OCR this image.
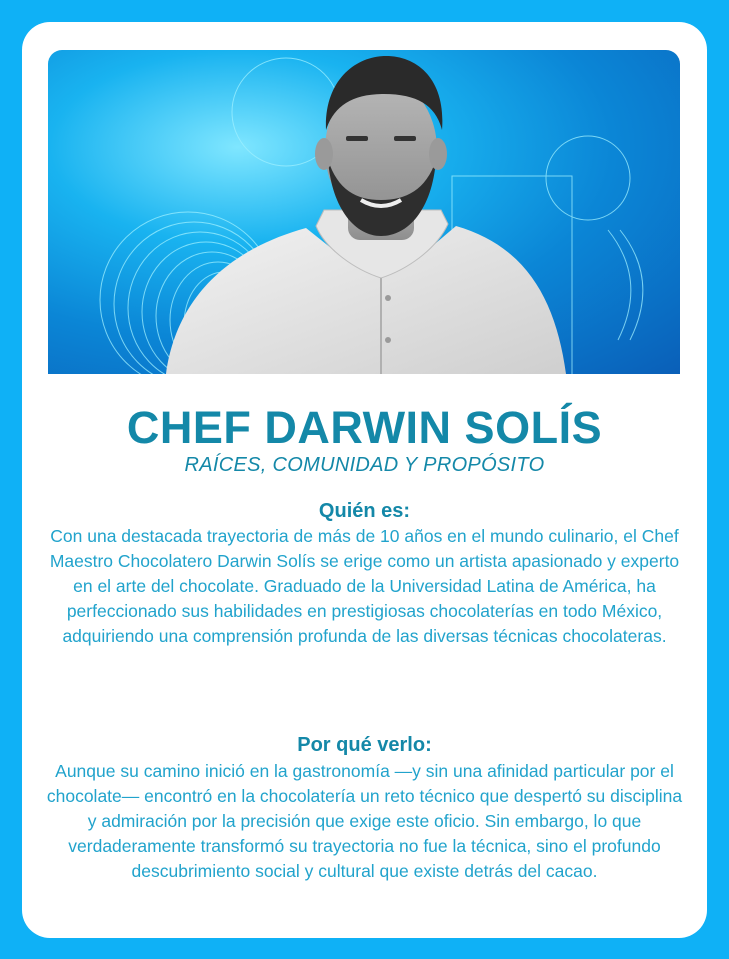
CHEF DARWIN SOLÍS
RAÍCES, COMUNIDAD Y PROPÓSITO
Quién es:
Con una destacada trayectoria de más de 10 años en el mundo culinario, el Chef Maestro Chocolatero Darwin Solís se erige como un artista apasionado y experto en el arte del chocolate. Graduado de la Universidad Latina de América, ha perfeccionado sus habilidades en prestigiosas chocolaterías en todo México, adquiriendo una comprensión profunda de las diversas técnicas chocolateras.
Por qué verlo:
Aunque su camino inició en la gastronomía —y sin una afinidad particular por el chocolate— encontró en la chocolatería un reto técnico que despertó su disciplina y admiración por la precisión que exige este oficio. Sin embargo, lo que verdaderamente transformó su trayectoria no fue la técnica, sino el profundo descubrimiento social y cultural que existe detrás del cacao.
